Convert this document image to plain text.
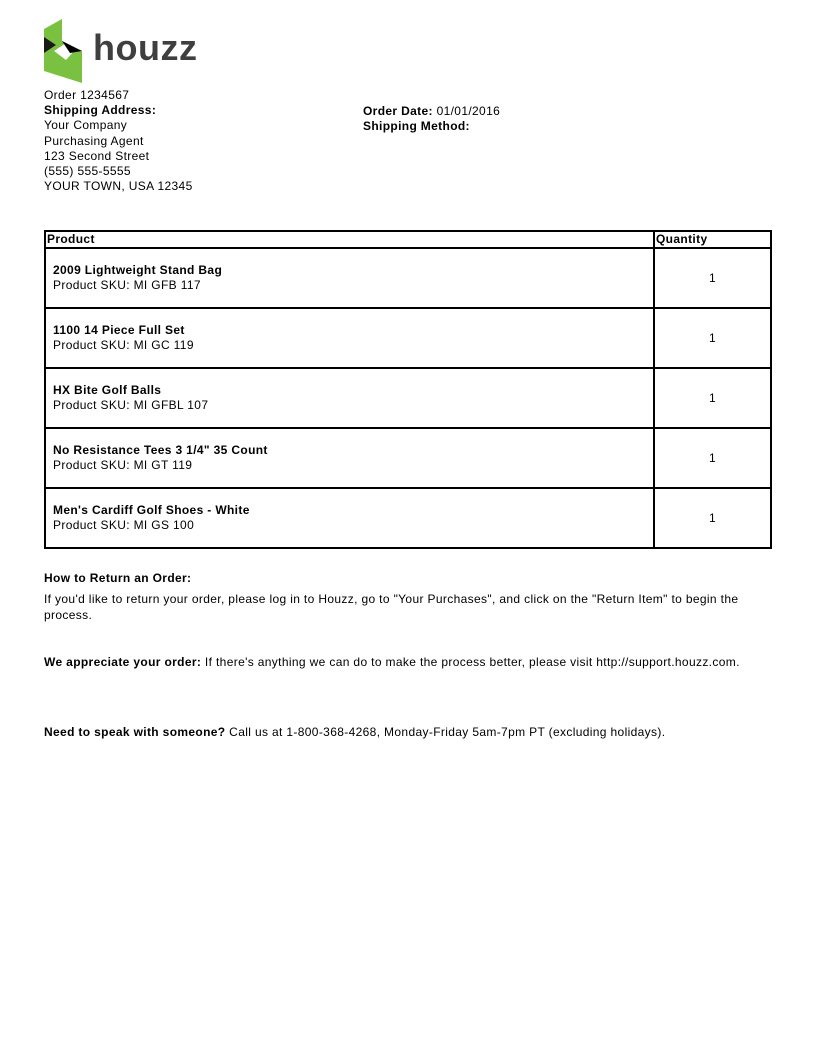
houzz
Order 1234567
Shipping Address:
Your Company
Purchasing Agent
123 Second Street
(555) 555-5555
YOUR TOWN, USA 12345
Order Date: 01/01/2016
Shipping Method:
Product	Quantity

2009 Lightweight Stand Bag
Product SKU: MI GFB 117	1

1100 14 Piece Full Set
Product SKU: MI GC 119	1

HX Bite Golf Balls
Product SKU: MI GFBL 107	1

No Resistance Tees 3 1/4" 35 Count
Product SKU: MI GT 119	1

Men's Cardiff Golf Shoes - White
Product SKU: MI GS 100	1
How to Return an Order:
If you'd like to return your order, please log in to Houzz, go to "Your Purchases", and click on the "Return Item" to begin the process.
We appreciate your order: If there's anything we can do to make the process better, please visit http://support.houzz.com.
Need to speak with someone? Call us at 1-800-368-4268, Monday-Friday 5am-7pm PT (excluding holidays).
